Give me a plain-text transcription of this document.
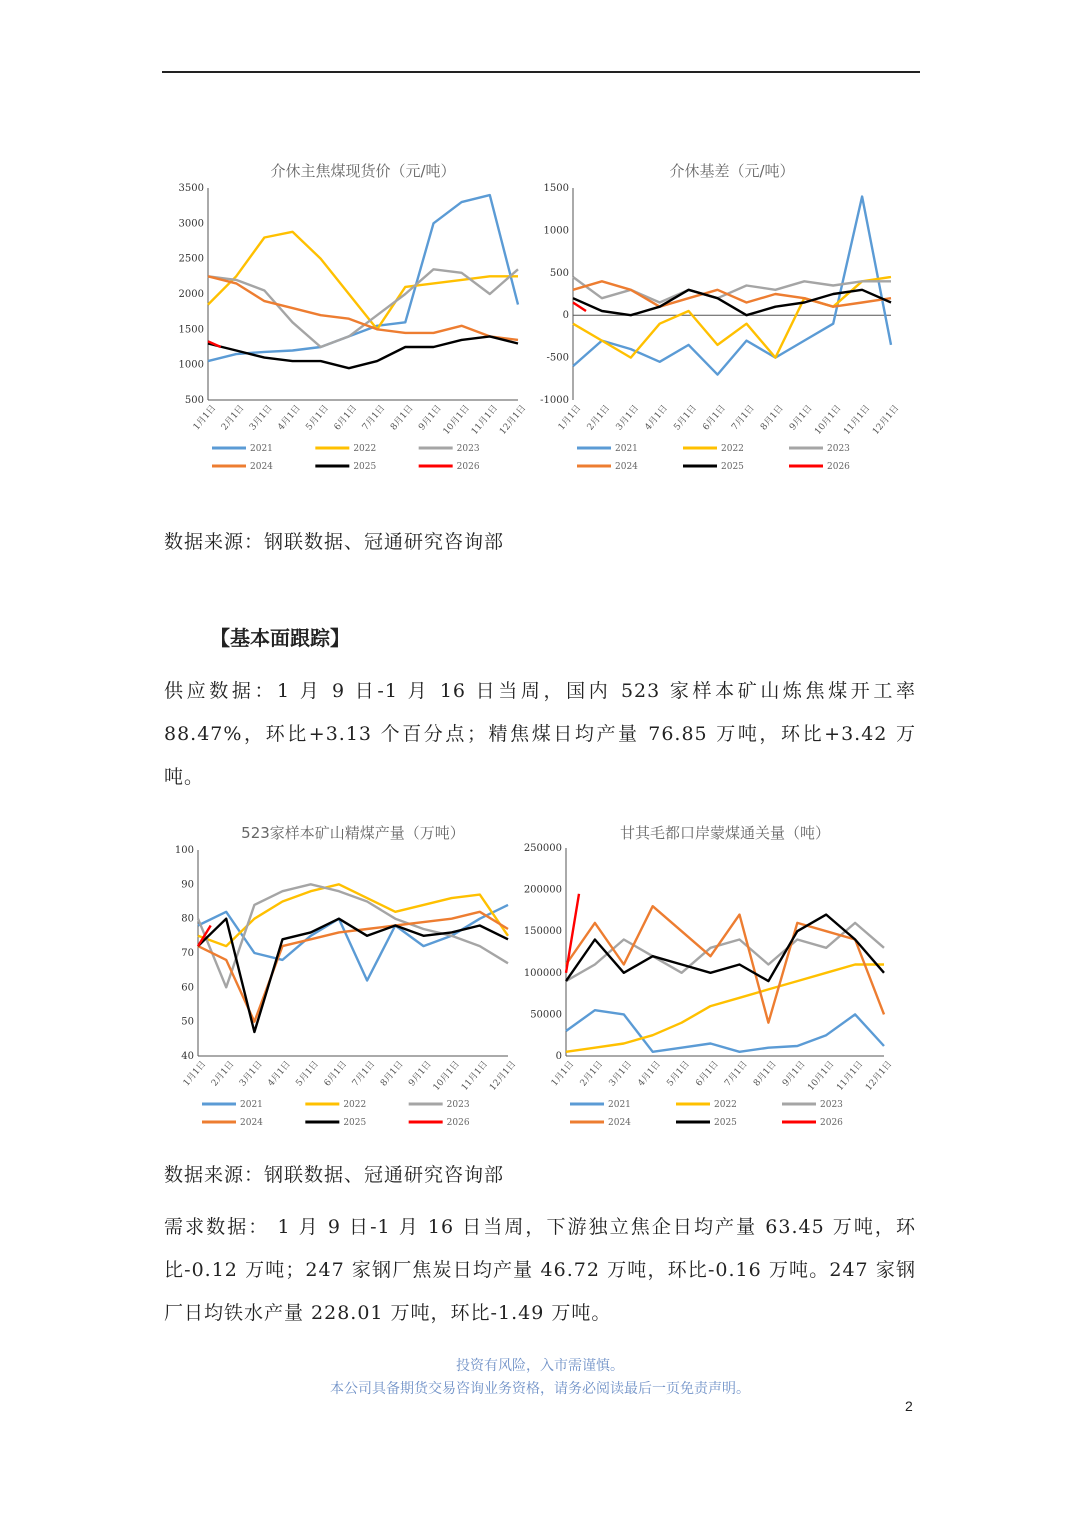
介休主焦煤现货价（元/吨）
3500
3000
2500
2000
1500
1000
500
1月1日 2月1日 3月1日 4月1日 5月1日 6月1日 7月1日 8月1日 9月1日
10月1日
11月1日
12月1日
2021	2022	2023
2024	2025	2026
介休基差（元/吨）
1500
1000
500
0
-500
-1000
1月1日 2月1日 3月1日 4月1日 5月1日 6月1日 7月1日 8月1日 9月1日
10月1日
11月1日
12月1日
2021	2022	2023
2024	2025	2026

数据来源：钢联数据、冠通研究咨询部

【基本面跟踪】

供应数据：1 月 9 日-1 月 16 日当周，国内 523 家样本矿山炼焦煤开工率 88.47%，环比+3.13 个百分点；精焦煤日均产量 76.85 万吨，环比+3.42 万吨。

523家样本矿山精煤产量（万吨）
100
90
80
70
60
50
40
1月1日 2月1日 3月1日 4月1日 5月1日 6月1日 7月1日 8月1日 9月1日
10月1日
11月1日
12月1日
2021	2022	2023
2024	2025	2026
甘其毛都口岸蒙煤通关量（吨）
250000
200000
150000
100000
50000
0
1月1日 2月1日 3月1日 4月1日 5月1日 6月1日 7月1日 8月1日 9月1日
10月1日
11月1日
12月1日
2021	2022	2023
2024	2025	2026

数据来源：钢联数据、冠通研究咨询部

需求数据： 1 月 9 日-1 月 16 日当周，下游独立焦企日均产量 63.45 万吨，环比-0.12 万吨；247 家钢厂焦炭日均产量 46.72 万吨，环比-0.16 万吨。247 家钢厂日均铁水产量 228.01 万吨，环比-1.49 万吨。

投资有风险，入市需谨慎。
本公司具备期货交易咨询业务资格，请务必阅读最后一页免责声明。
2
